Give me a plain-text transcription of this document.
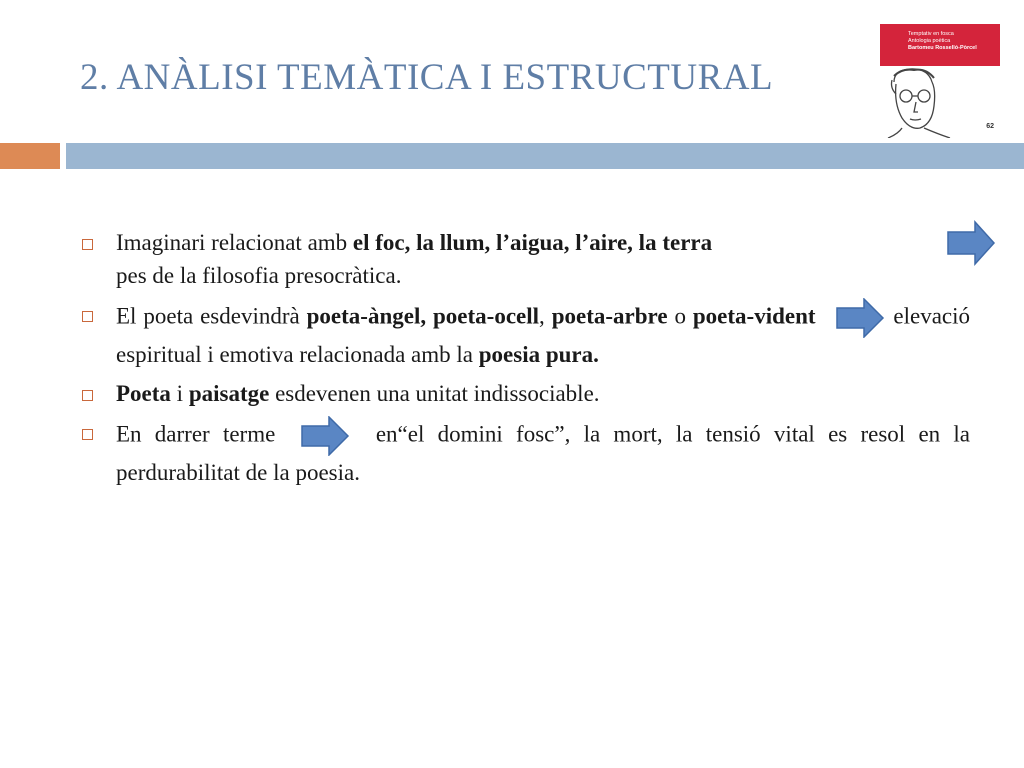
2. ANÀLISI TEMÀTICA I ESTRUCTURAL
Temptativ en fosca
Antologia poètica
Bartomeu Rosselló-Pòrcel
62
Imaginari relacionat amb el foc, la llum, l’aigua, l’aire, la terra
pes de la filosofia presocràtica.
El poeta esdevindrà poeta-àngel, poeta-ocell, poeta-arbre o poeta-vident	elevació espiritual i emotiva relacionada amb la poesia pura.
Poeta i paisatge esdevenen una unitat indissociable.
En darrer terme	en“el domini fosc”, la mort, la tensió vital es resol en la perdurabilitat de la poesia.
